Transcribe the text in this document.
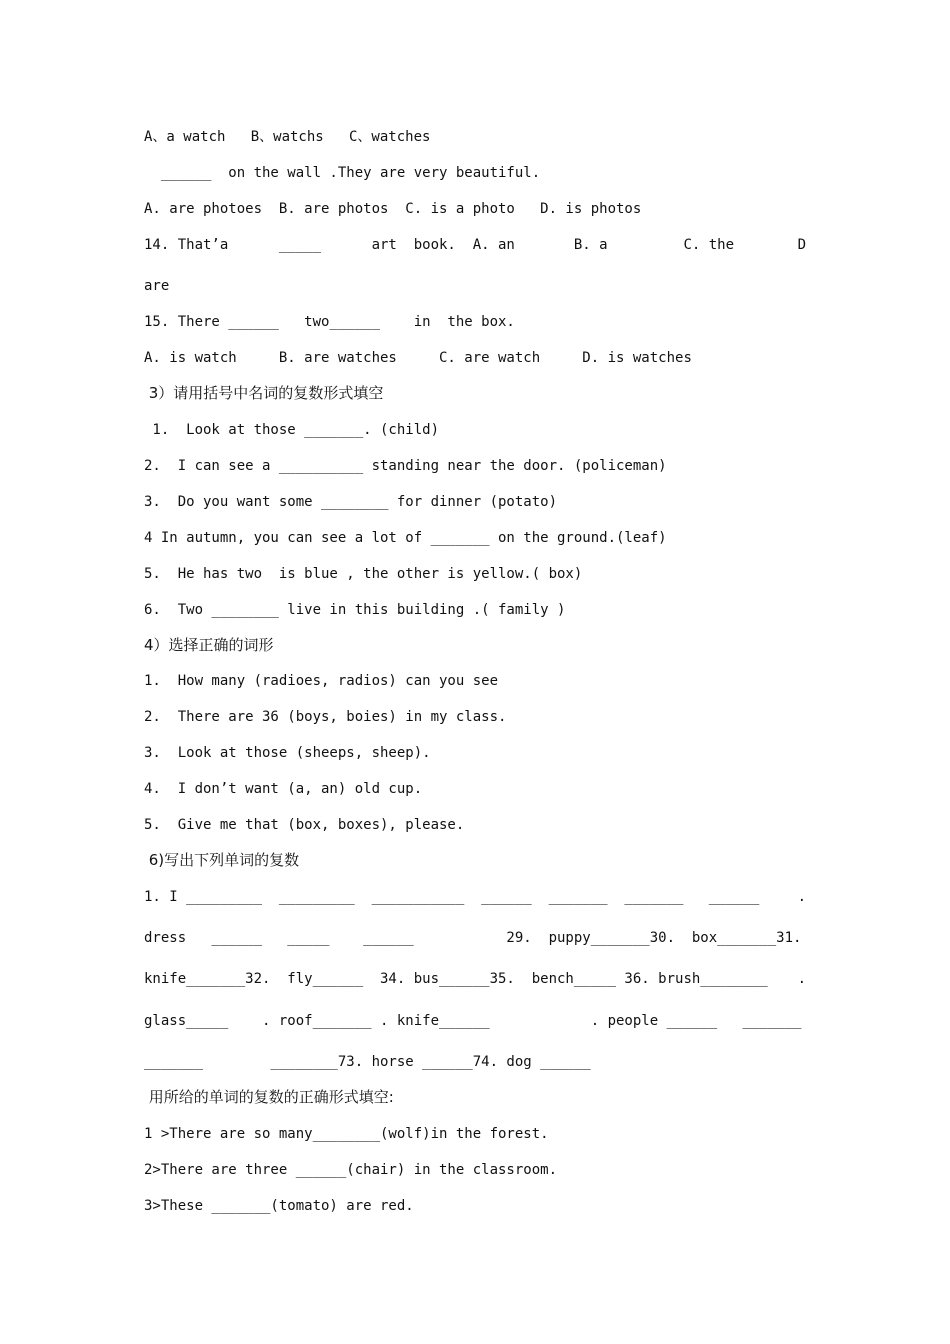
A、a watch   B、watchs   C、watches
______  on the wall .They are very beautiful.
A. are photoes  B. are photos  C. is a photo   D. is photos
14. That’a      _____      art  book.  A. an       B. a         C. the	D
are
15. There ______   two______    in  the box.
A. is watch     B. are watches     C. are watch     D. is watches
3）请用括号中名词的复数形式填空
1.  Look at those _______. (child)
2.  I can see a __________ standing near the door. (policeman)
3.  Do you want some ________ for dinner (potato)
4 In autumn, you can see a lot of _______ on the ground.(leaf)
5.  He has two  is blue , the other is yellow.( box)
6.  Two ________ live in this building .( family )
4）选择正确的词形
1.  How many (radioes, radios) can you see
2.  There are 36 (boys, boies) in my class.
3.  Look at those (sheeps, sheep).
4.  I don’t want (a, an) old cup.
5.  Give me that (box, boxes), please.
6)写出下列单词的复数
1. I _________  _________  ___________  ______  _______  _______   ______	.
dress   ______   _____    ______           29.  puppy_______30.  box_______31.
knife_______32.  fly______  34. bus______35.  bench_____ 36. brush________ .
glass_____    . roof_______ . knife______            . people ______   _______
_______        ________73. horse ______74. dog ______
用所给的单词的复数的正确形式填空:
1 >There are so many________(wolf)in the forest.
2>There are three ______(chair) in the classroom.
3>These _______(tomato) are red.
